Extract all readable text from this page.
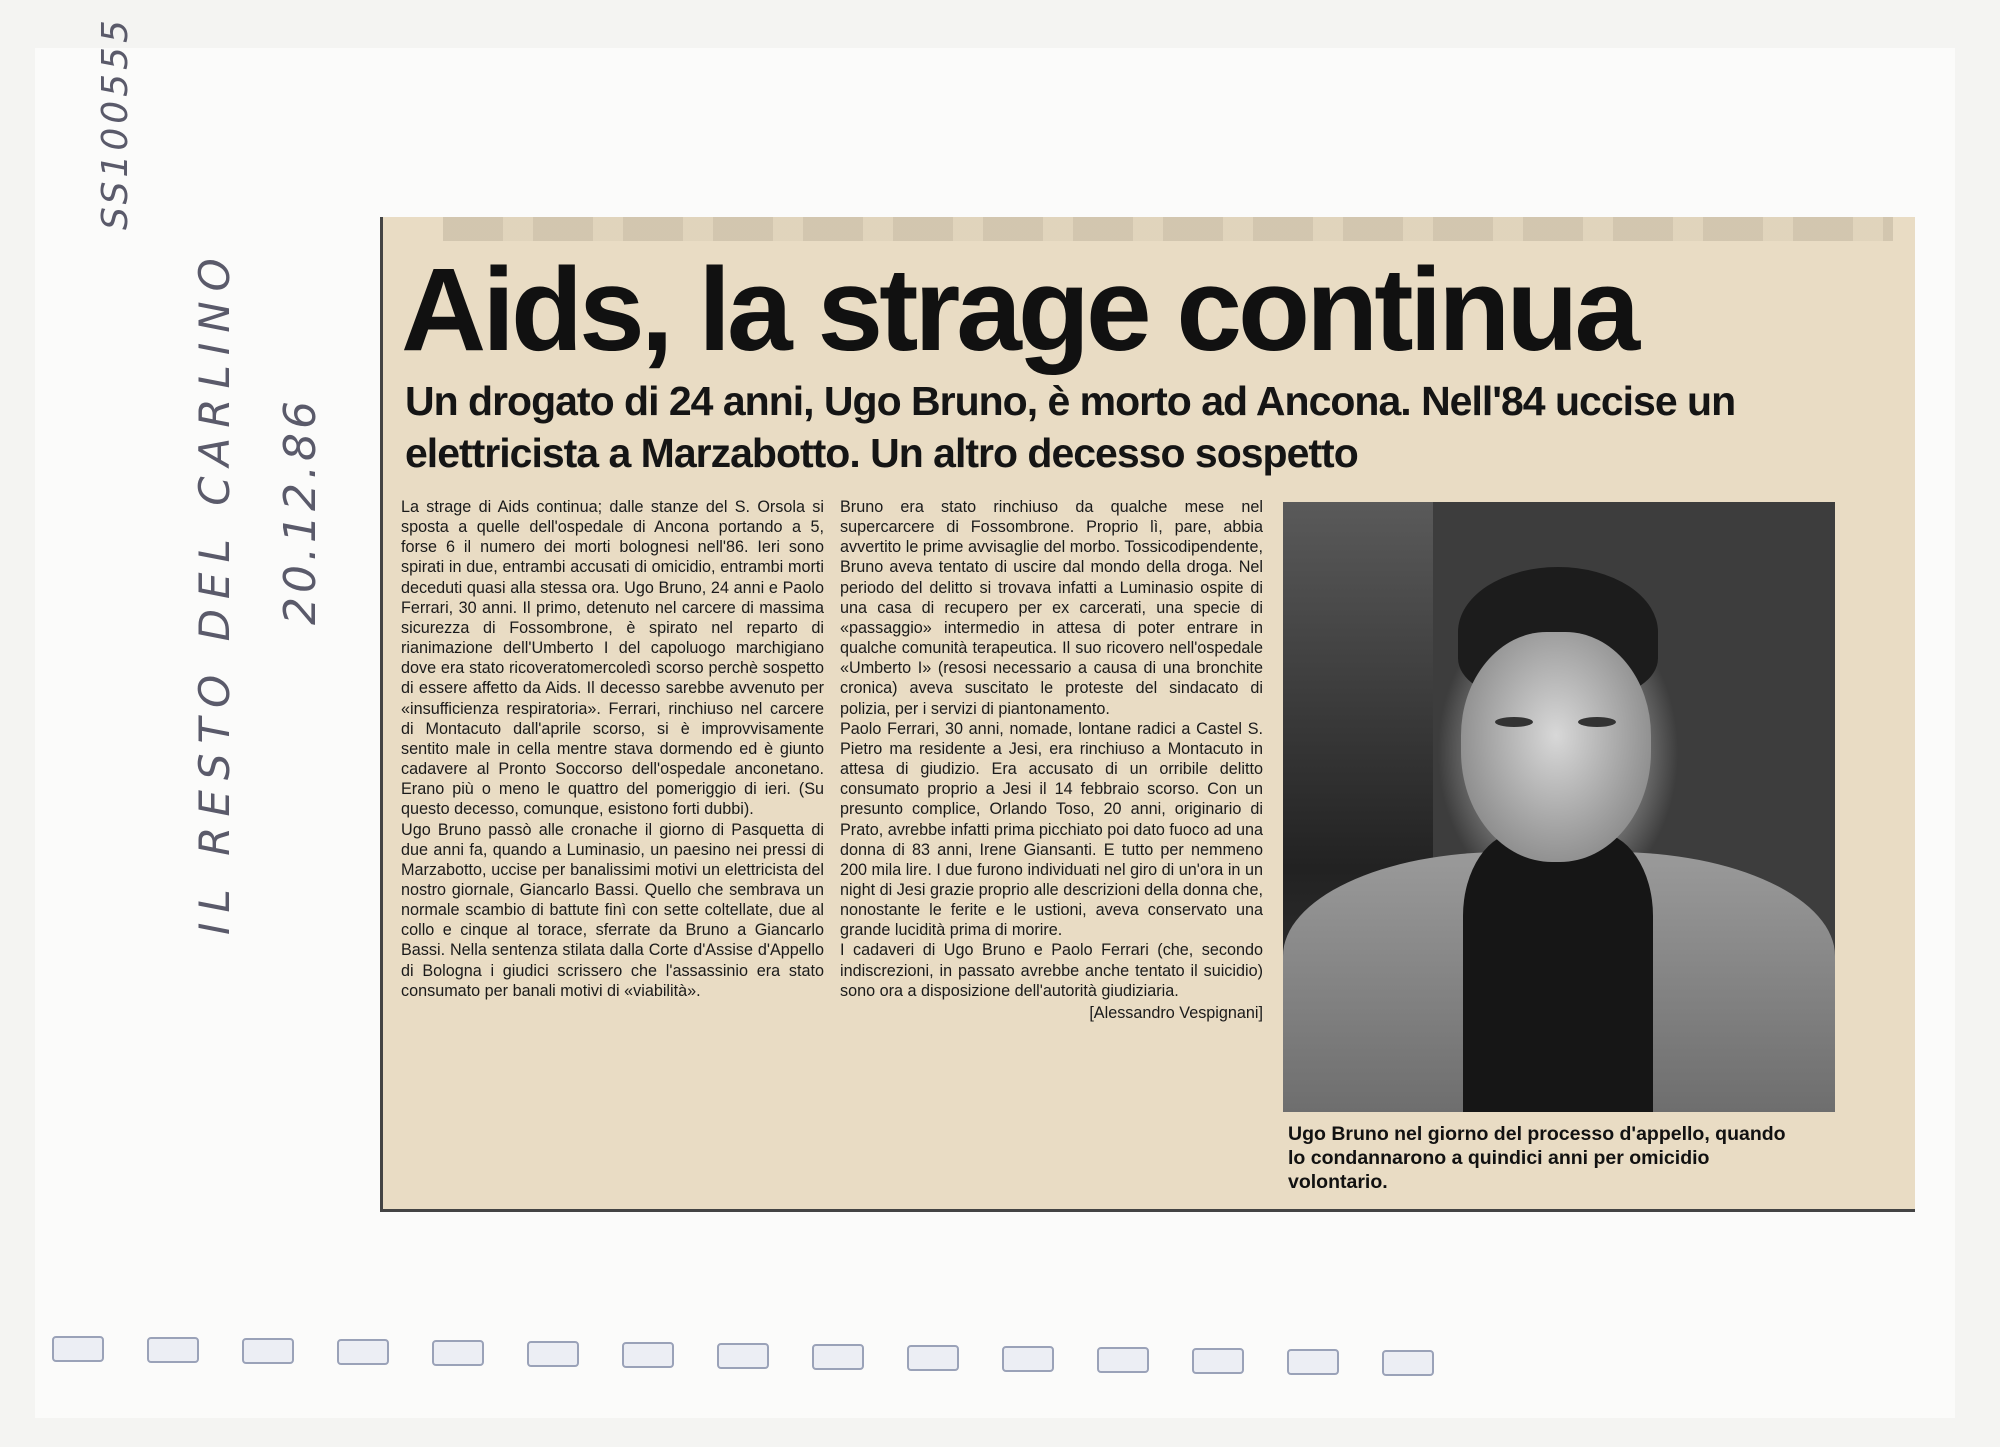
SS100555
IL RESTO DEL CARLINO 20.12.86
Aids, la strage continua
Un drogato di 24 anni, Ugo Bruno, è morto ad Ancona. Nell'84 uccise un elettricista a Marzabotto. Un altro decesso sospetto

La strage di Aids continua; dalle stanze del S. Orsola si sposta a quelle dell'ospedale di Ancona portando a 5, forse 6 il numero dei morti bolognesi nell'86. Ieri sono spirati in due, entrambi accusati di omicidio, entrambi morti deceduti quasi alla stessa ora. Ugo Bruno, 24 anni e Paolo Ferrari, 30 anni. Il primo, detenuto nel carcere di massima sicurezza di Fossombrone, è spirato nel reparto di rianimazione dell'Umberto I del capoluogo marchigiano dove era stato ricoveratomercoledì scorso perchè sospetto di essere affetto da Aids. Il decesso sarebbe avvenuto per «insufficienza respiratoria». Ferrari, rinchiuso nel carcere di Montacuto dall'aprile scorso, si è improvvisamente sentito male in cella mentre stava dormendo ed è giunto cadavere al Pronto Soccorso dell'ospedale anconetano. Erano più o meno le quattro del pomeriggio di ieri. (Su questo decesso, comunque, esistono forti dubbi).

Ugo Bruno passò alle cronache il giorno di Pasquetta di due anni fa, quando a Luminasio, un paesino nei pressi di Marzabotto, uccise per banalissimi motivi un elettricista del nostro giornale, Giancarlo Bassi. Quello che sembrava un normale scambio di battute finì con sette coltellate, due al collo e cinque al torace, sferrate da Bruno a Giancarlo Bassi. Nella sentenza stilata dalla Corte d'Assise d'Appello di Bologna i giudici scrissero che l'assassinio era stato consumato per banali motivi di «viabilità».

Bruno era stato rinchiuso da qualche mese nel supercarcere di Fossombrone. Proprio lì, pare, abbia avvertito le prime avvisaglie del morbo. Tossicodipendente, Bruno aveva tentato di uscire dal mondo della droga. Nel periodo del delitto si trovava infatti a Luminasio ospite di una casa di recupero per ex carcerati, una specie di «passaggio» intermedio in attesa di poter entrare in qualche comunità terapeutica. Il suo ricovero nell'ospedale «Umberto I» (resosi necessario a causa di una bronchite cronica) aveva suscitato le proteste del sindacato di polizia, per i servizi di piantonamento.

Paolo Ferrari, 30 anni, nomade, lontane radici a Castel S. Pietro ma residente a Jesi, era rinchiuso a Montacuto in attesa di giudizio. Era accusato di un orribile delitto consumato proprio a Jesi il 14 febbraio scorso. Con un presunto complice, Orlando Toso, 20 anni, originario di Prato, avrebbe infatti prima picchiato poi dato fuoco ad una donna di 83 anni, Irene Giansanti. E tutto per nemmeno 200 mila lire. I due furono individuati nel giro di un'ora in un night di Jesi grazie proprio alle descrizioni della donna che, nonostante le ferite e le ustioni, aveva conservato una grande lucidità prima di morire.

I cadaveri di Ugo Bruno e Paolo Ferrari (che, secondo indiscrezioni, in passato avrebbe anche tentato il suicidio) sono ora a disposizione dell'autorità giudiziaria.

[Alessandro Vespignani]

Ugo Bruno nel giorno del processo d'appello, quando lo condannarono a quindici anni per omicidio volontario.
